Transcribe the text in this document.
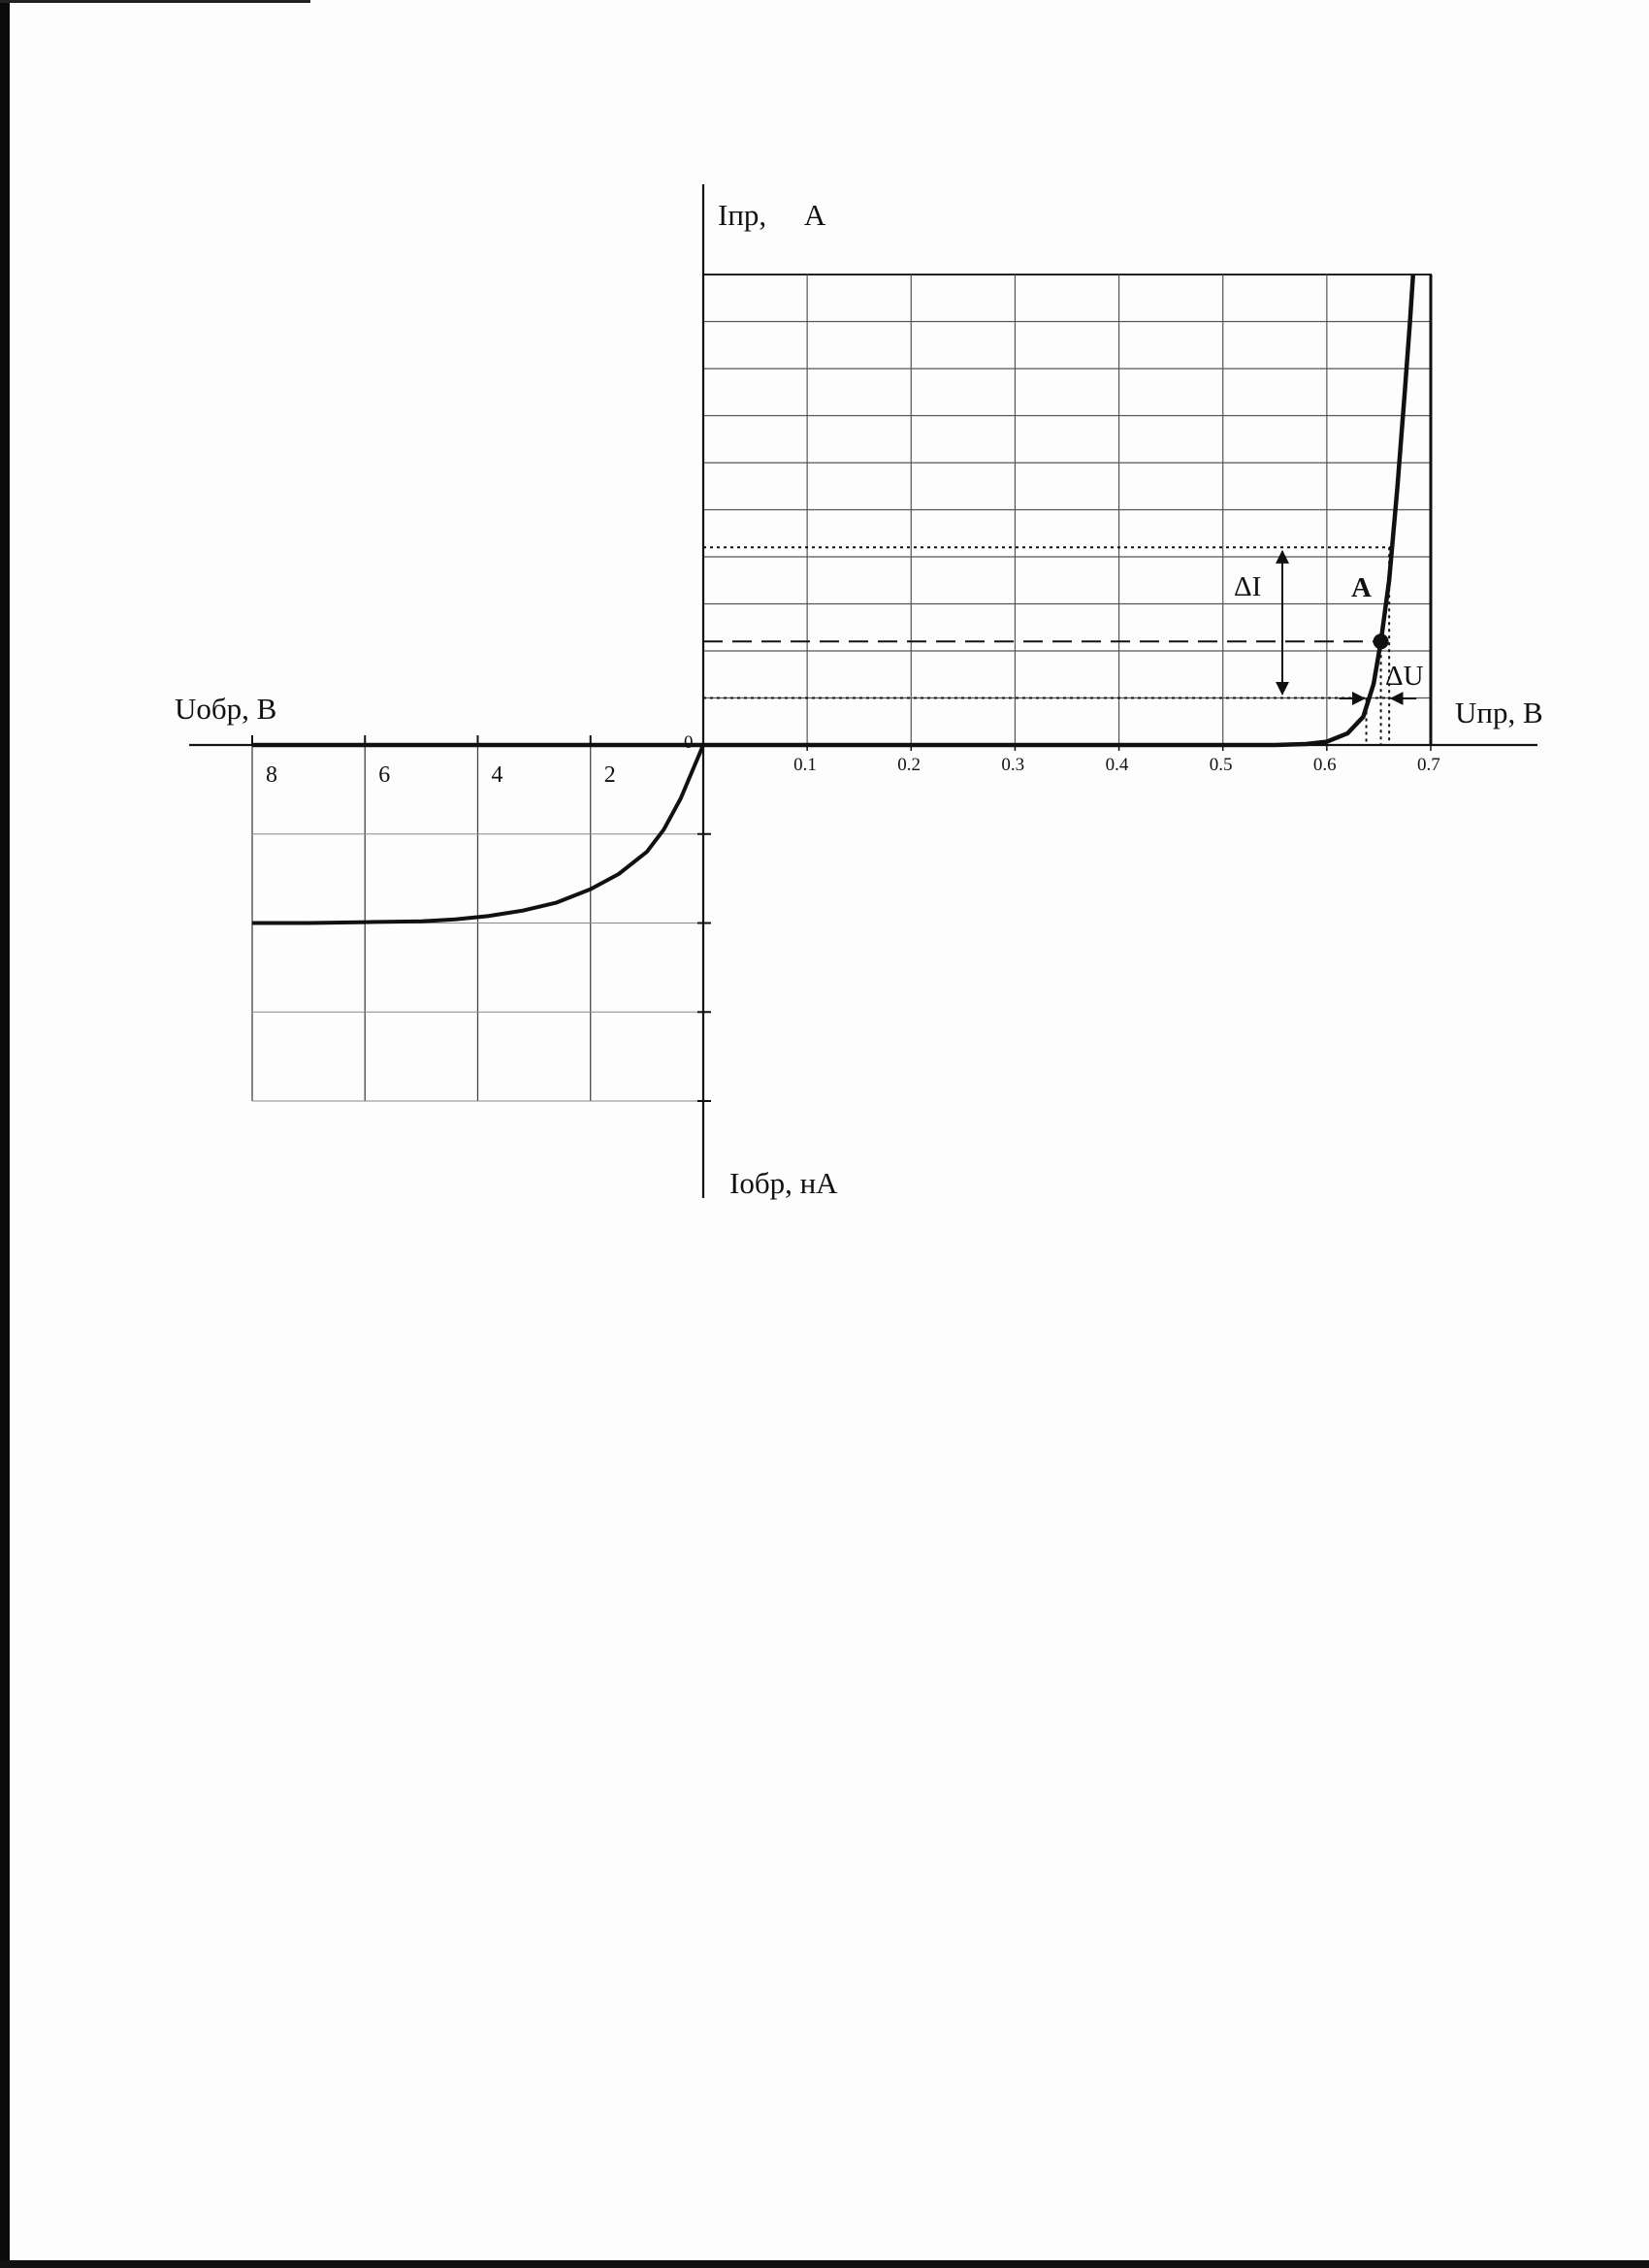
Iпр,     А
Uпр, В
Uобр, В
Iобр, нА
0
0.1	0.2	0.3	0.4	0.5	0.6	0.7
8	6	4	2
ΔI
ΔU
А
